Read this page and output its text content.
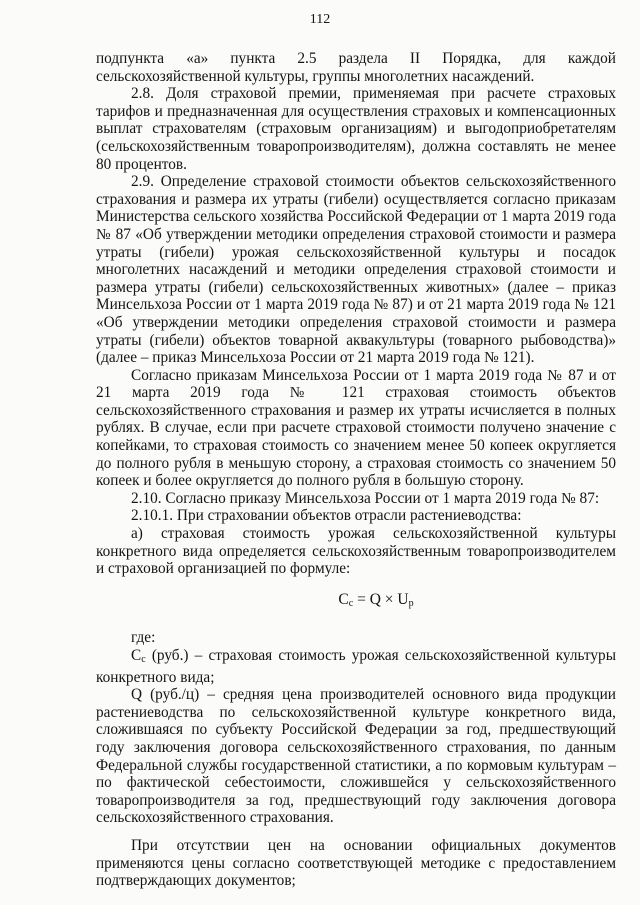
112

подпункта «а» пункта 2.5 раздела II Порядка, для каждой сельскохозяйственной культуры, группы многолетних насаждений.

2.8. Доля страховой премии, применяемая при расчете страховых тарифов и предназначенная для осуществления страховых и компенсационных выплат страхователям (страховым организациям) и выгодоприобретателям (сельскохозяйственным товаропроизводителям), должна составлять не менее 80 процентов.

2.9. Определение страховой стоимости объектов сельскохозяйственного страхования и размера их утраты (гибели) осуществляется согласно приказам Министерства сельского хозяйства Российской Федерации от 1 марта 2019 года № 87 «Об утверждении методики определения страховой стоимости и размера утраты (гибели) урожая сельскохозяйственной культуры и посадок многолетних насаждений и методики определения страховой стоимости и размера утраты (гибели) сельскохозяйственных животных» (далее – приказ Минсельхоза России от 1 марта 2019 года № 87) и от 21 марта 2019 года № 121 «Об утверждении методики определения страховой стоимости и размера утраты (гибели) объектов товарной аквакультуры (товарного рыбоводства)» (далее – приказ Минсельхоза России от 21 марта 2019 года № 121).

Согласно приказам Минсельхоза России от 1 марта 2019 года № 87 и от 21 марта 2019 года № 121 страховая стоимость объектов сельскохозяйственного страхования и размер их утраты исчисляется в полных рублях. В случае, если при расчете страховой стоимости получено значение с копейками, то страховая стоимость со значением менее 50 копеек округляется до полного рубля в меньшую сторону, а страховая стоимость со значением 50 копеек и более округляется до полного рубля в большую сторону.

2.10. Согласно приказу Минсельхоза России от 1 марта 2019 года № 87:

2.10.1. При страховании объектов отрасли растениеводства:

а) страховая стоимость урожая сельскохозяйственной культуры конкретного вида определяется сельскохозяйственным товаропроизводителем и страховой организацией по формуле:

$C_c = Q \times U_p$

где:

Cc (руб.) – страховая стоимость урожая сельскохозяйственной культуры конкретного вида;

Q (руб./ц) – средняя цена производителей основного вида продукции растениеводства по сельскохозяйственной культуре конкретного вида, сложившаяся по субъекту Российской Федерации за год, предшествующий году заключения договора сельскохозяйственного страхования, по данным Федеральной службы государственной статистики, а по кормовым культурам – по фактической себестоимости, сложившейся у сельскохозяйственного товаропроизводителя за год, предшествующий году заключения договора сельскохозяйственного страхования.

При отсутствии цен на основании официальных документов применяются цены согласно соответствующей методике с предоставлением подтверждающих документов;
